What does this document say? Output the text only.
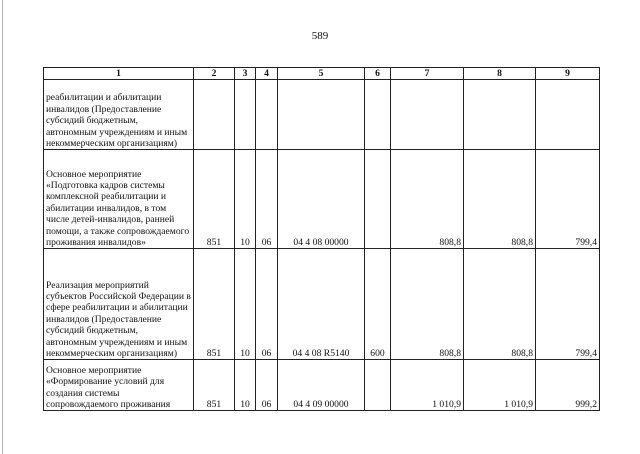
589
1	2	3	4	5	6	7	8	9
реабилитации и абилитации инвалидов (Предоставление субсидий бюджетным, автономным учреждениям и иным некоммерческим организациям)								
Основное мероприятие «Подготовка кадров системы комплексной реабилитации и абилитации инвалидов, в том числе детей-инвалидов, ранней помощи, а также сопровождаемого проживания инвалидов»	851	10	06	04 4 08 00000		808,8	808,8	799,4
Реализация мероприятий субъектов Российской Федерации в сфере реабилитации и абилитации инвалидов (Предоставление субсидий бюджетным, автономным учреждениям и иным некоммерческим организациям)	851	10	06	04 4 08 R5140	600	808,8	808,8	799,4
Основное мероприятие «Формирование условий для создания системы сопровождаемого проживания	851	10	06	04 4 09 00000		1 010,9	1 010,9	999,2
